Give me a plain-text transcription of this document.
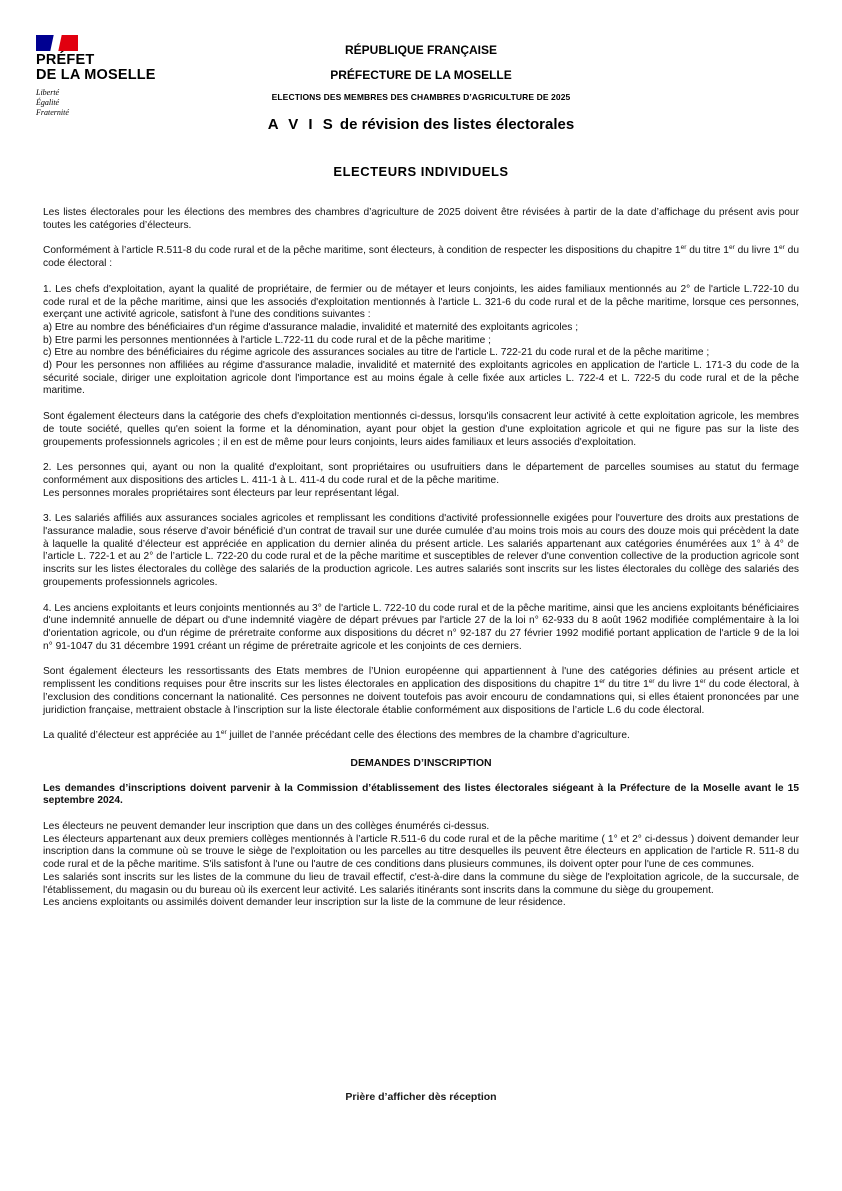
PRÉFET
DE LA MOSELLE
Liberté
Égalité
Fraternité
RÉPUBLIQUE FRANÇAISE
PRÉFECTURE DE LA MOSELLE
ELECTIONS DES MEMBRES DES CHAMBRES D’AGRICULTURE DE 2025
A V I S de révision des listes électorales
ELECTEURS INDIVIDUELS

Les listes électorales pour les élections des membres des chambres d’agriculture de 2025 doivent être révisées à partir de la date d’affichage du présent avis pour toutes les catégories d’électeurs.

Conformément à l’article R.511-8 du code rural et de la pêche maritime, sont électeurs, à condition de respecter les dispositions du chapitre 1er du titre 1er du livre 1er du code électoral :

1. Les chefs d'exploitation, ayant la qualité de propriétaire, de fermier ou de métayer et leurs conjoints, les aides familiaux mentionnés au 2° de l'article L.722-10 du code rural et de la pêche maritime, ainsi que les associés d'exploitation mentionnés à l'article L. 321-6 du code rural et de la pêche maritime, lorsque ces personnes, exerçant une activité agricole, satisfont à l'une des conditions suivantes :
a) Etre au nombre des bénéficiaires d'un régime d'assurance maladie, invalidité et maternité des exploitants agricoles ;
b) Etre parmi les personnes mentionnées à l'article L.722-11 du code rural et de la pêche maritime ;
c) Etre au nombre des bénéficiaires du régime agricole des assurances sociales au titre de l'article L. 722-21 du code rural et de la pêche maritime ;
d) Pour les personnes non affiliées au régime d'assurance maladie, invalidité et maternité des exploitants agricoles en application de l'article L. 171-3 du code de la sécurité sociale, diriger une exploitation agricole dont l'importance est au moins égale à celle fixée aux articles L. 722-4 et L. 722-5 du code rural et de la pêche maritime.

Sont également électeurs dans la catégorie des chefs d'exploitation mentionnés ci-dessus, lorsqu'ils consacrent leur activité à cette exploitation agricole, les membres de toute société, quelles qu'en soient la forme et la dénomination, ayant pour objet la gestion d'une exploitation agricole et qui ne figure pas sur la liste des groupements professionnels agricoles ; il en est de même pour leurs conjoints, leurs aides familiaux et leurs associés d'exploitation.

2. Les personnes qui, ayant ou non la qualité d'exploitant, sont propriétaires ou usufruitiers dans le département de parcelles soumises au statut du fermage conformément aux dispositions des articles L. 411-1 à L. 411-4 du code rural et de la pêche maritime.
Les personnes morales propriétaires sont électeurs par leur représentant légal.

3. Les salariés affiliés aux assurances sociales agricoles et remplissant les conditions d'activité professionnelle exigées pour l'ouverture des droits aux prestations de l'assurance maladie, sous réserve d’avoir bénéficié d’un contrat de travail sur une durée cumulée d’au moins trois mois au cours des douze mois qui précèdent la date à laquelle la qualité d’électeur est appréciée en application du dernier alinéa du présent article. Les salariés appartenant aux catégories énumérées aux 1° à 4° de l’article L. 722-1 et au 2° de l’article L. 722-20 du code rural et de la pêche maritime et susceptibles de relever d'une convention collective de la production agricole sont inscrits sur les listes électorales du collège des salariés de la production agricole. Les autres salariés sont inscrits sur les listes électorales du collège des salariés des groupements professionnels agricoles.

4. Les anciens exploitants et leurs conjoints mentionnés au 3° de l'article L. 722-10 du code rural et de la pêche maritime, ainsi que les anciens exploitants bénéficiaires d'une indemnité annuelle de départ ou d'une indemnité viagère de départ prévues par l'article 27 de la loi n° 62-933 du 8 août 1962 modifiée complémentaire à la loi d'orientation agricole, ou d'un régime de préretraite conforme aux dispositions du décret n° 92-187 du 27 février 1992 modifié portant application de l'article 9 de la loi n° 91-1047 du 31 décembre 1991 créant un régime de préretraite agricole et les conjoints de ces derniers.

Sont également électeurs les ressortissants des Etats membres de l’Union européenne qui appartiennent à l'une des catégories définies au présent article et remplissent les conditions requises pour être inscrits sur les listes électorales en application des dispositions du chapitre 1er du titre 1er du livre 1er du code électoral, à l’exclusion des conditions concernant la nationalité. Ces personnes ne doivent toutefois pas avoir encouru de condamnations qui, si elles étaient prononcées par une juridiction française, mettraient obstacle à l’inscription sur la liste électorale établie conformément aux dispositions de l’article L.6 du code électoral.

La qualité d’électeur est appréciée au 1er juillet de l’année précédant celle des élections des membres de la chambre d’agriculture.

DEMANDES D’INSCRIPTION

Les demandes d’inscriptions doivent parvenir à la Commission d’établissement des listes électorales siégeant à la Préfecture de la Moselle avant le 15 septembre 2024.

Les électeurs ne peuvent demander leur inscription que dans un des collèges énumérés ci-dessus.

Les électeurs appartenant aux deux premiers collèges mentionnés à l’article R.511-6 du code rural et de la pêche maritime ( 1° et 2° ci-dessus ) doivent demander leur inscription dans la commune où se trouve le siège de l'exploitation ou les parcelles au titre desquelles ils peuvent être électeurs en application de l'article R. 511-8 du code rural et de la pêche maritime. S'ils satisfont à l'une ou l'autre de ces conditions dans plusieurs communes, ils doivent opter pour l'une de ces communes.

Les salariés sont inscrits sur les listes de la commune du lieu de travail effectif, c'est-à-dire dans la commune du siège de l'exploitation agricole, de la succursale, de l'établissement, du magasin ou du bureau où ils exercent leur activité. Les salariés itinérants sont inscrits dans la commune du siège du groupement.

Les anciens exploitants ou assimilés doivent demander leur inscription sur la liste de la commune de leur résidence.

Prière d’afficher dès réception
